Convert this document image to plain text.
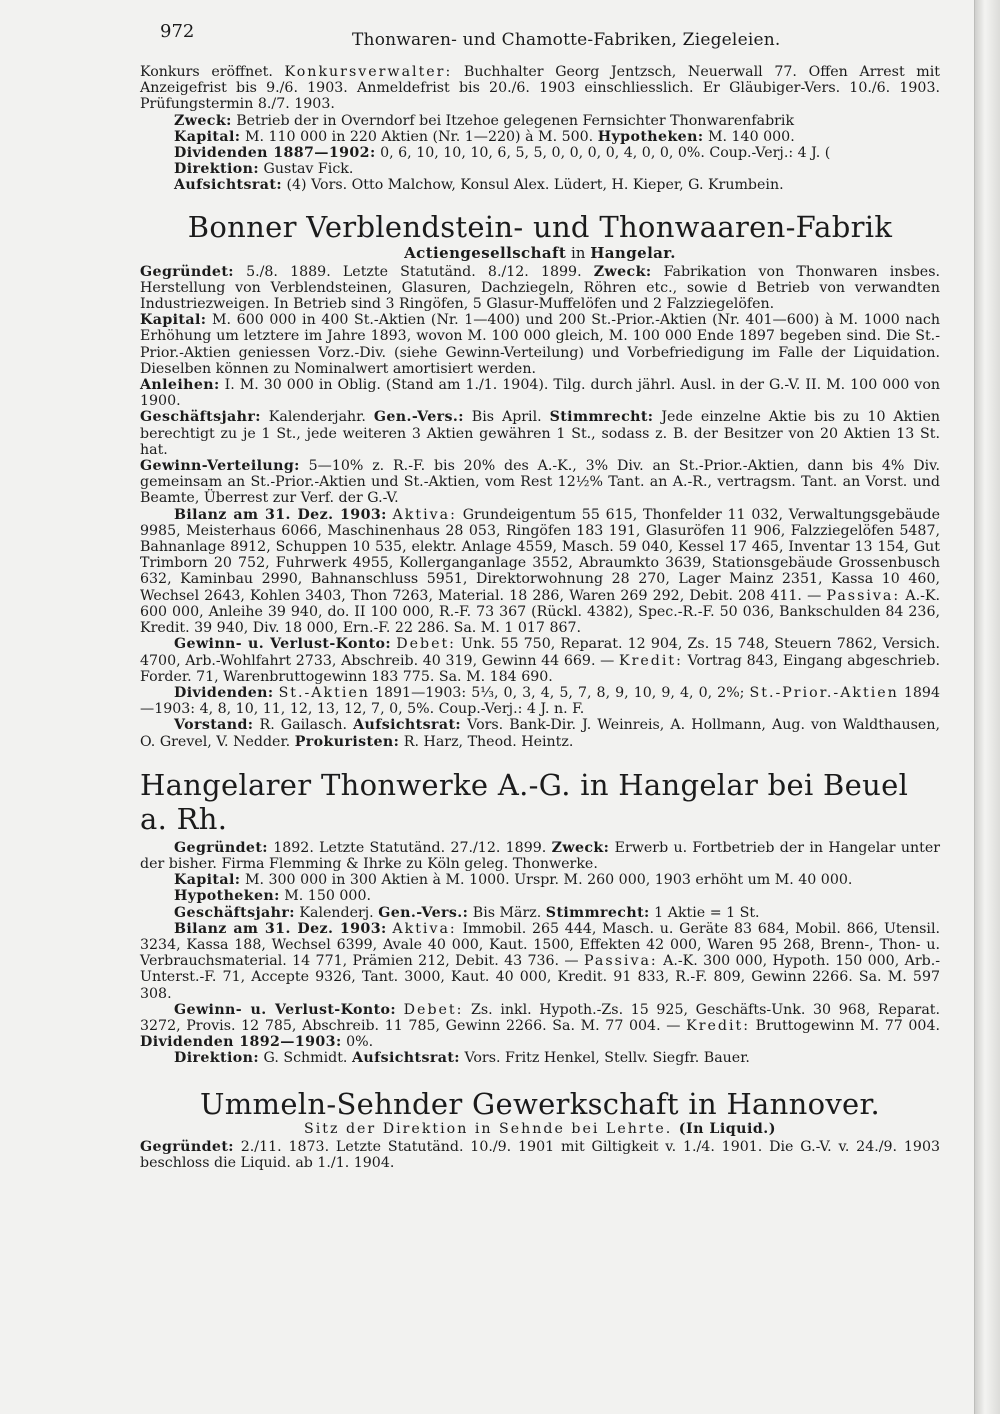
972	Thonwaren- und Chamotte-Fabriken, Ziegeleien.

Konkurs eröffnet. Konkursverwalter: Buchhalter Georg Jentzsch, Neuerwall 77. Offen Arrest mit Anzeigefrist bis 9./6. 1903. Anmeldefrist bis 20./6. 1903 einschliesslich. Er Gläubiger-Vers. 10./6. 1903. Prüfungstermin 8./7. 1903.

Zweck: Betrieb der in Overndorf bei Itzehoe gelegenen Fernsichter Thonwarenfabrik

Kapital: M. 110 000 in 220 Aktien (Nr. 1—220) à M. 500. Hypotheken: M. 140 000.

Dividenden 1887—1902: 0, 6, 10, 10, 10, 6, 5, 5, 0, 0, 0, 0, 4, 0, 0, 0%. Coup.-Verj.: 4 J. (

Direktion: Gustav Fick.

Aufsichtsrat: (4) Vors. Otto Malchow, Konsul Alex. Lüdert, H. Kieper, G. Krumbein.

Bonner Verblendstein- und Thonwaaren-Fabrik
Actiengesellschaft in Hangelar.

Gegründet: 5./8. 1889. Letzte Statutänd. 8./12. 1899. Zweck: Fabrikation von Thonwaren insbes. Herstellung von Verblendsteinen, Glasuren, Dachziegeln, Röhren etc., sowie d Betrieb von verwandten Industriezweigen. In Betrieb sind 3 Ringöfen, 5 Glasur-Muffelöfen und 2 Falzziegelöfen.

Kapital: M. 600 000 in 400 St.-Aktien (Nr. 1—400) und 200 St.-Prior.-Aktien (Nr. 401—600) à M. 1000 nach Erhöhung um letztere im Jahre 1893, wovon M. 100 000 gleich, M. 100 000 Ende 1897 begeben sind. Die St.-Prior.-Aktien geniessen Vorz.-Div. (siehe Gewinn-Verteilung) und Vorbefriedigung im Falle der Liquidation. Dieselben können zu Nominalwert amortisiert werden.

Anleihen: I. M. 30 000 in Oblig. (Stand am 1./1. 1904). Tilg. durch jährl. Ausl. in der G.-V. II. M. 100 000 von 1900.

Geschäftsjahr: Kalenderjahr. Gen.-Vers.: Bis April. Stimmrecht: Jede einzelne Aktie bis zu 10 Aktien berechtigt zu je 1 St., jede weiteren 3 Aktien gewähren 1 St., sodass z. B. der Besitzer von 20 Aktien 13 St. hat.

Gewinn-Verteilung: 5—10% z. R.-F. bis 20% des A.-K., 3% Div. an St.-Prior.-Aktien, dann bis 4% Div. gemeinsam an St.-Prior.-Aktien und St.-Aktien, vom Rest 12½% Tant. an A.-R., vertragsm. Tant. an Vorst. und Beamte, Überrest zur Verf. der G.-V.

Bilanz am 31. Dez. 1903: Aktiva: Grundeigentum 55 615, Thonfelder 11 032, Verwaltungsgebäude 9985, Meisterhaus 6066, Maschinenhaus 28 053, Ringöfen 183 191, Glasuröfen 11 906, Falzziegelöfen 5487, Bahnanlage 8912, Schuppen 10 535, elektr. Anlage 4559, Masch. 59 040, Kessel 17 465, Inventar 13 154, Gut Trimborn 20 752, Fuhrwerk 4955, Kollerganganlage 3552, Abraumkto 3639, Stationsgebäude Grossenbusch 632, Kaminbau 2990, Bahnanschluss 5951, Direktorwohnung 28 270, Lager Mainz 2351, Kassa 10 460, Wechsel 2643, Kohlen 3403, Thon 7263, Material. 18 286, Waren 269 292, Debit. 208 411. — Passiva: A.-K. 600 000, Anleihe 39 940, do. II 100 000, R.-F. 73 367 (Rückl. 4382), Spec.-R.-F. 50 036, Bankschulden 84 236, Kredit. 39 940, Div. 18 000, Ern.-F. 22 286. Sa. M. 1 017 867.

Gewinn- u. Verlust-Konto: Debet: Unk. 55 750, Reparat. 12 904, Zs. 15 748, Steuern 7862, Versich. 4700, Arb.-Wohlfahrt 2733, Abschreib. 40 319, Gewinn 44 669. — Kredit: Vortrag 843, Eingang abgeschrieb. Forder. 71, Warenbruttogewinn 183 775. Sa. M. 184 690.

Dividenden: St.-Aktien 1891—1903: 5⅓, 0, 3, 4, 5, 7, 8, 9, 10, 9, 4, 0, 2%; St.-Prior.-Aktien 1894—1903: 4, 8, 10, 11, 12, 13, 12, 7, 0, 5%. Coup.-Verj.: 4 J. n. F.

Vorstand: R. Gailasch. Aufsichtsrat: Vors. Bank-Dir. J. Weinreis, A. Hollmann, Aug. von Waldthausen, O. Grevel, V. Nedder. Prokuristen: R. Harz, Theod. Heintz.

Hangelarer Thonwerke A.-G. in Hangelar bei Beuel a. Rh.

Gegründet: 1892. Letzte Statutänd. 27./12. 1899. Zweck: Erwerb u. Fortbetrieb der in Hangelar unter der bisher. Firma Flemming & Ihrke zu Köln geleg. Thonwerke.

Kapital: M. 300 000 in 300 Aktien à M. 1000. Urspr. M. 260 000, 1903 erhöht um M. 40 000.

Hypotheken: M. 150 000.

Geschäftsjahr: Kalenderj. Gen.-Vers.: Bis März. Stimmrecht: 1 Aktie = 1 St.

Bilanz am 31. Dez. 1903: Aktiva: Immobil. 265 444, Masch. u. Geräte 83 684, Mobil. 866, Utensil. 3234, Kassa 188, Wechsel 6399, Avale 40 000, Kaut. 1500, Effekten 42 000, Waren 95 268, Brenn-, Thon- u. Verbrauchsmaterial. 14 771, Prämien 212, Debit. 43 736. — Passiva: A.-K. 300 000, Hypoth. 150 000, Arb.-Unterst.-F. 71, Accepte 9326, Tant. 3000, Kaut. 40 000, Kredit. 91 833, R.-F. 809, Gewinn 2266. Sa. M. 597 308.

Gewinn- u. Verlust-Konto: Debet: Zs. inkl. Hypoth.-Zs. 15 925, Geschäfts-Unk. 30 968, Reparat. 3272, Provis. 12 785, Abschreib. 11 785, Gewinn 2266. Sa. M. 77 004. — Kredit: Bruttogewinn M. 77 004. Dividenden 1892—1903: 0%.

Direktion: G. Schmidt. Aufsichtsrat: Vors. Fritz Henkel, Stellv. Siegfr. Bauer.

Ummeln-Sehnder Gewerkschaft in Hannover.
Sitz der Direktion in Sehnde bei Lehrte. (In Liquid.)

Gegründet: 2./11. 1873. Letzte Statutänd. 10./9. 1901 mit Giltigkeit v. 1./4. 1901. Die G.-V. v. 24./9. 1903 beschloss die Liquid. ab 1./1. 1904.
